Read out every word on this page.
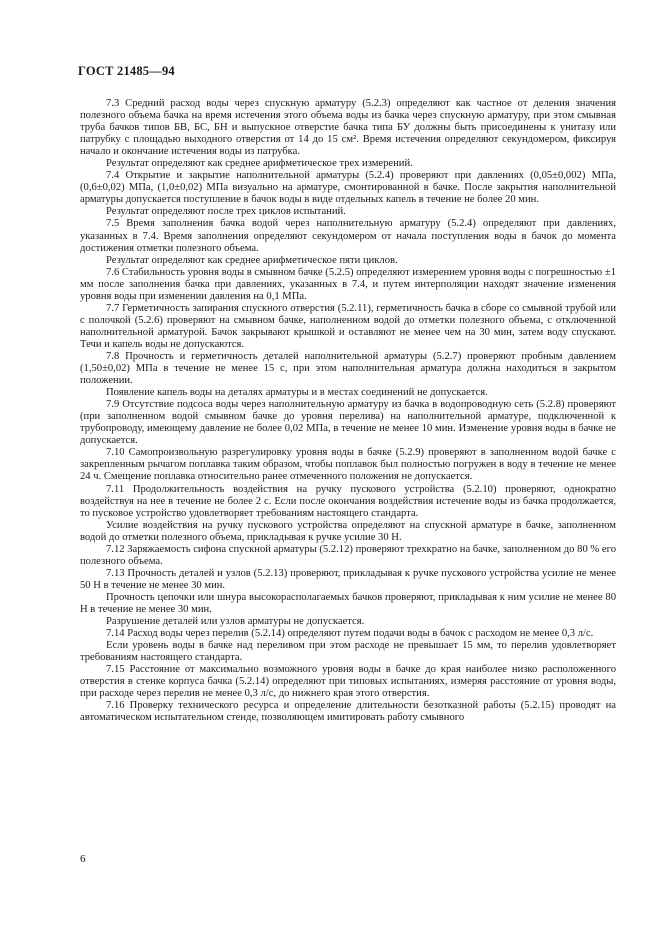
ГОСТ 21485—94

7.3 Средний расход воды через спускную арматуру (5.2.3) определяют как частное от деления значения полезного объема бачка на время истечения этого объема воды из бачка через спускную арматуру, при этом смывная труба бачков типов БВ, БС, БН и выпускное отверстие бачка типа БУ должны быть присоединены к унитазу или патрубку с площадью выходного отверстия от 14 до 15 см². Время истечения определяют секундомером, фиксируя начало и окончание истечения воды из патрубка.

Результат определяют как среднее арифметическое трех измерений.

7.4 Открытие и закрытие наполнительной арматуры (5.2.4) проверяют при давлениях (0,05±0,002) МПа, (0,6±0,02) МПа, (1,0±0,02) МПа визуально на арматуре, смонтированной в бачке. После закрытия наполнительной арматуры допускается поступление в бачок воды в виде отдельных капель в течение не более 20 мин.

Результат определяют после трех циклов испытаний.

7.5 Время заполнения бачка водой через наполнительную арматуру (5.2.4) определяют при давлениях, указанных в 7.4. Время заполнения определяют секундомером от начала поступления воды в бачок до момента достижения отметки полезного объема.

Результат определяют как среднее арифметическое пяти циклов.

7.6 Стабильность уровня воды в смывном бачке (5.2.5) определяют измерением уровня воды с погрешностью ±1 мм после заполнения бачка при давлениях, указанных в 7.4, и путем интерполяции находят значение изменения уровня воды при изменении давления на 0,1 МПа.

7.7 Герметичность запирания спускного отверстия (5.2.11), герметичность бачка в сборе со смывной трубой или с полочкой (5.2.6) проверяют на смывном бачке, наполненном водой до отметки полезного объема, с отключенной наполнительной арматурой. Бачок закрывают крышкой и оставляют не менее чем на 30 мин, затем воду спускают. Течи и капель воды не допускаются.

7.8 Прочность и герметичность деталей наполнительной арматуры (5.2.7) проверяют пробным давлением (1,50±0,02) МПа в течение не менее 15 с, при этом наполнительная арматура должна находиться в закрытом положении.

Появление капель воды на деталях арматуры и в местах соединений не допускается.

7.9 Отсутствие подсоса воды через наполнительную арматуру из бачка в водопроводную сеть (5.2.8) проверяют (при заполненном водой смывном бачке до уровня перелива) на наполнительной арматуре, подключенной к трубопроводу, имеющему давление не более 0,02 МПа, в течение не менее 10 мин. Изменение уровня воды в бачке не допускается.

7.10 Самопроизвольную разрегулировку уровня воды в бачке (5.2.9) проверяют в заполненном водой бачке с закрепленным рычагом поплавка таким образом, чтобы поплавок был полностью погружен в воду в течение не менее 24 ч. Смещение поплавка относительно ранее отмеченного положения не допускается.

7.11 Продолжительность воздействия на ручку пускового устройства (5.2.10) проверяют, однократно воздействуя на нее в течение не более 2 с. Если после окончания воздействия истечение воды из бачка продолжается, то пусковое устройство удовлетворяет требованиям настоящего стандарта.

Усилие воздействия на ручку пускового устройства определяют на спускной арматуре в бачке, заполненном водой до отметки полезного объема, прикладывая к ручке усилие 30 Н.

7.12 Заряжаемость сифона спускной арматуры (5.2.12) проверяют трехкратно на бачке, заполненном до 80 % его полезного объема.

7.13 Прочность деталей и узлов (5.2.13) проверяют, прикладывая к ручке пускового устройства усилие не менее 50 Н в течение не менее 30 мин.

Прочность цепочки или шнура высокорасполагаемых бачков проверяют, прикладывая к ним усилие не менее 80 Н в течение не менее 30 мин.

Разрушение деталей или узлов арматуры не допускается.

7.14 Расход воды через перелив (5.2.14) определяют путем подачи воды в бачок с расходом не менее 0,3 л/с.

Если уровень воды в бачке над переливом при этом расходе не превышает 15 мм, то перелив удовлетворяет требованиям настоящего стандарта.

7.15 Расстояние от максимально возможного уровня воды в бачке до края наиболее низко расположенного отверстия в стенке корпуса бачка (5.2.14) определяют при типовых испытаниях, измеряя расстояние от уровня воды, при расходе через перелив не менее 0,3 л/с, до нижнего края этого отверстия.

7.16 Проверку технического ресурса и определение длительности безотказной работы (5.2.15) проводят на автоматическом испытательном стенде, позволяющем имитировать работу смывного

6
